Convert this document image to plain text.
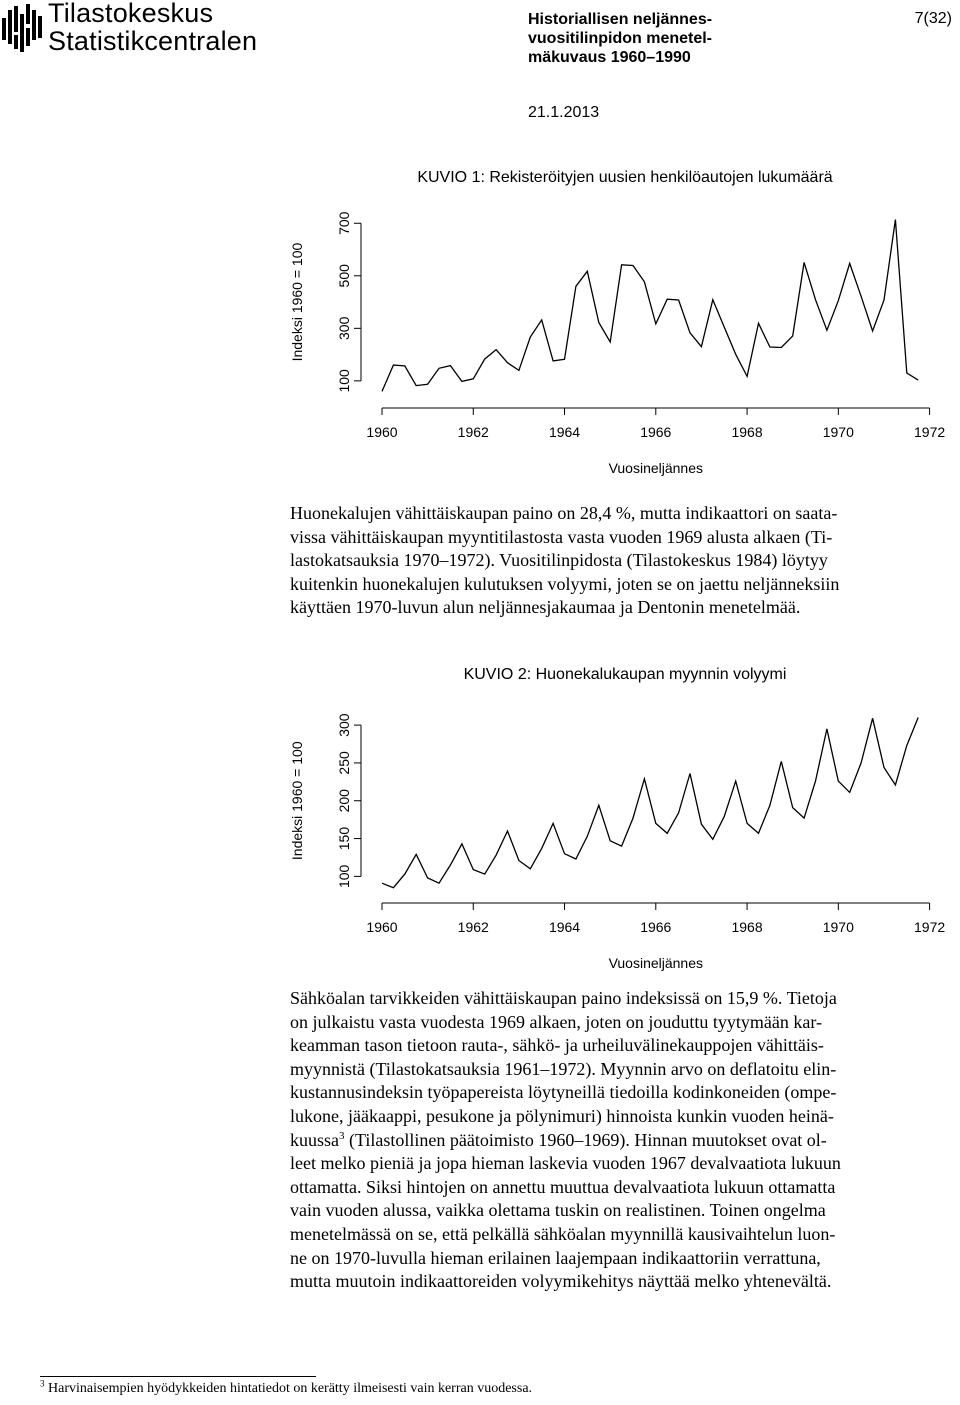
Tilastokeskus
Statistikcentralen
Historiallisen neljännes-
vuositilinpidon menetel-
mäkuvaus 1960–1990
7(32)
21.1.2013
KUVIO 1: Rekisteröityjen uusien henkilöautojen lukumäärä
100
300
500
700
Indeksi 1960 = 100
1960	1962	1964	1966	1968	1970	1972
Vuosineljännes
Huonekalujen vähittäiskaupan paino on 28,4 %, mutta indikaattori on saata-
vissa vähittäiskaupan myyntitilastosta vasta vuoden 1969 alusta alkaen (Ti-
lastokatsauksia 1970–1972). Vuositilinpidosta (Tilastokeskus 1984) löytyy
kuitenkin huonekalujen kulutuksen volyymi, joten se on jaettu neljänneksiin
käyttäen 1970-luvun alun neljännesjakaumaa ja Dentonin menetelmää.
KUVIO 2: Huonekalukaupan myynnin volyymi
100
150
200
250
300
Indeksi 1960 = 100
1960	1962	1964	1966	1968	1970	1972
Vuosineljännes
Sähköalan tarvikkeiden vähittäiskaupan paino indeksissä on 15,9 %. Tietoja
on julkaistu vasta vuodesta 1969 alkaen, joten on jouduttu tyytymään kar-
keamman tason tietoon rauta-, sähkö- ja urheiluvälinekauppojen vähittäis-
myynnistä (Tilastokatsauksia 1961–1972). Myynnin arvo on deflatoitu elin-
kustannusindeksin työpapereista löytyneillä tiedoilla kodinkoneiden (ompe-
lukone, jääkaappi, pesukone ja pölynimuri) hinnoista kunkin vuoden heinä-
kuussa$^3$ (Tilastollinen päätoimisto 1960–1969). Hinnan muutokset ovat ol-
leet melko pieniä ja jopa hieman laskevia vuoden 1967 devalvaatiota lukuun
ottamatta. Siksi hintojen on annettu muuttua devalvaatiota lukuun ottamatta
vain vuoden alussa, vaikka olettama tuskin on realistinen. Toinen ongelma
menetelmässä on se, että pelkällä sähköalan myynnillä kausivaihtelun luon-
ne on 1970-luvulla hieman erilainen laajempaan indikaattoriin verrattuna,
mutta muutoin indikaattoreiden volyymikehitys näyttää melko yhtenevältä.
$^3$ Harvinaisempien hyödykkeiden hintatiedot on kerätty ilmeisesti vain kerran vuodessa.
